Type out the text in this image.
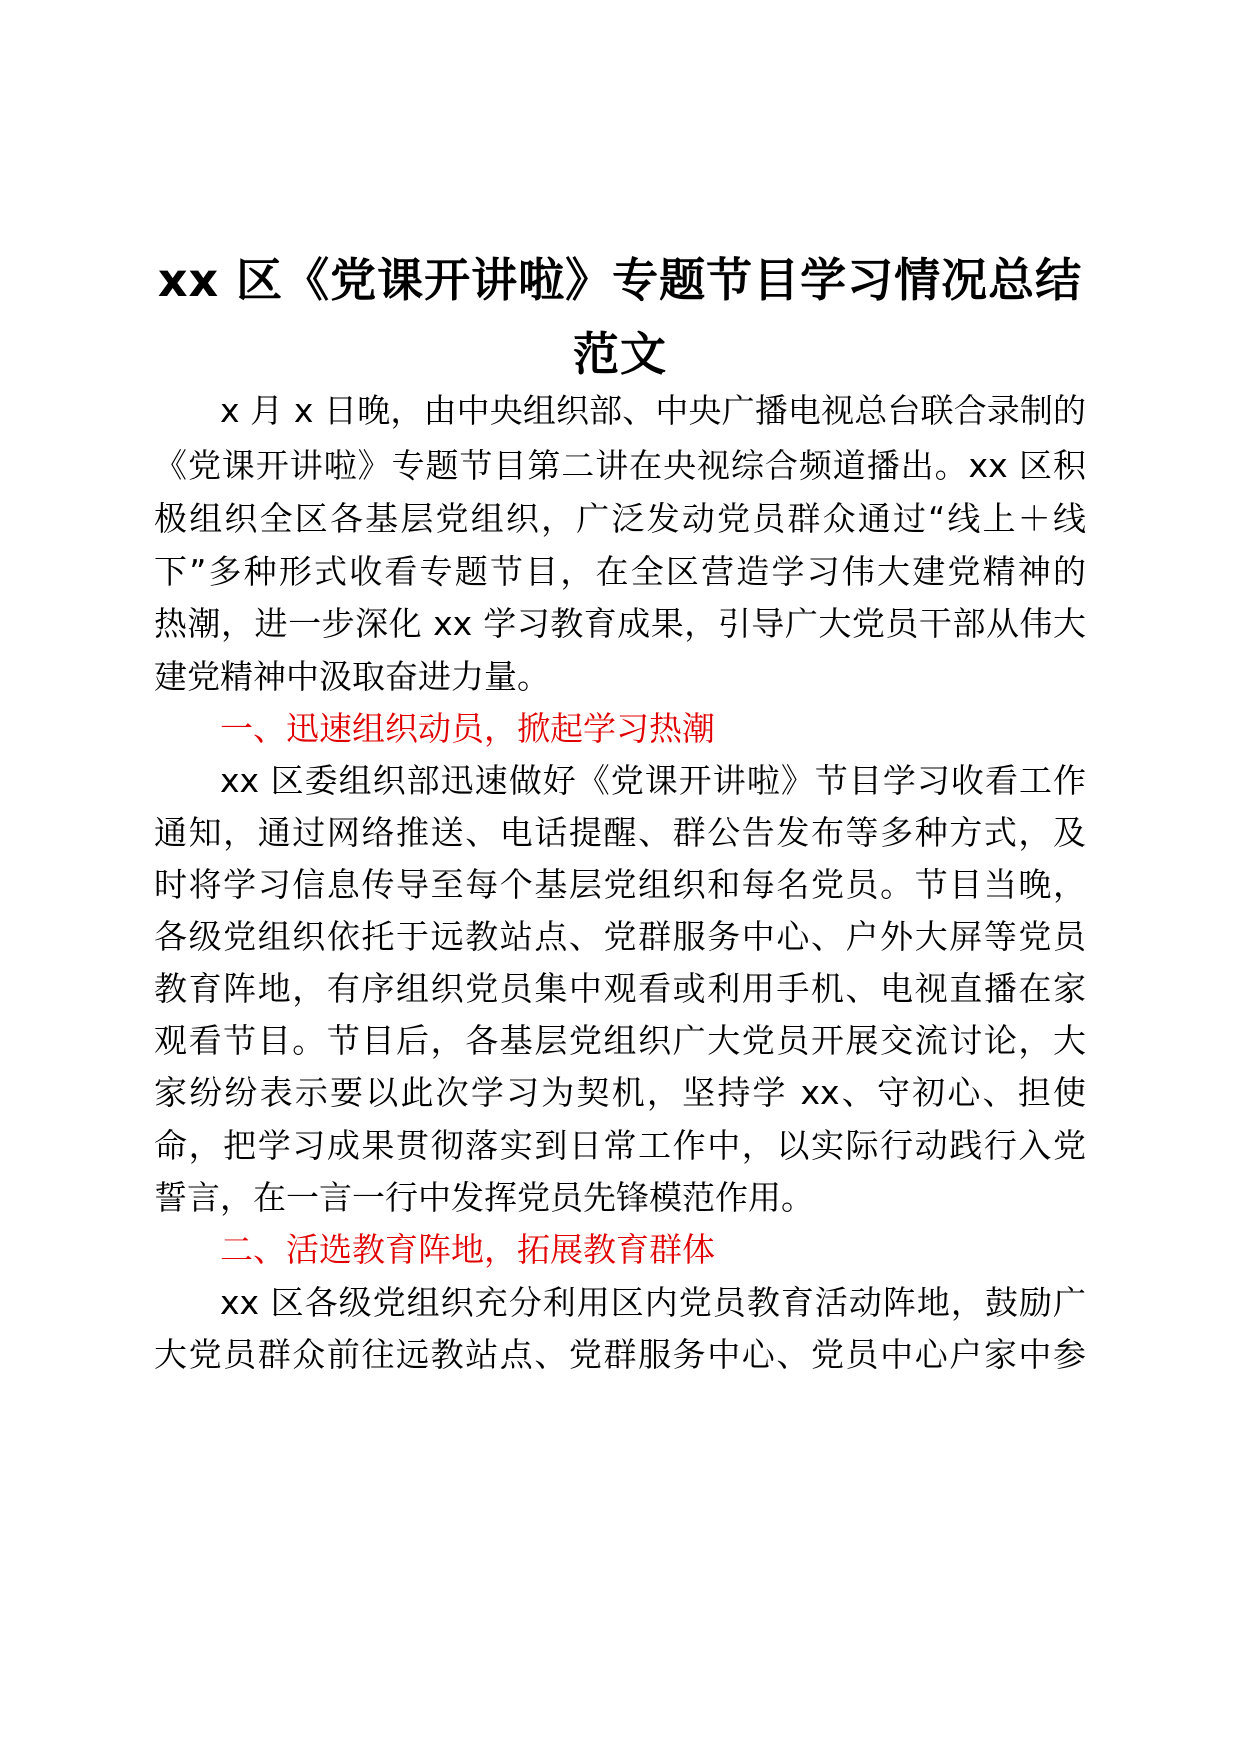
xx 区《党课开讲啦》专题节目学习情况总结
范文

x 月 x 日晚，由中央组织部、中央广播电视总台联合录制的

《党课开讲啦》专题节目第二讲在央视综合频道播出。xx 区积

极组织全区各基层党组织，广泛发动党员群众通过“线上＋线

下”多种形式收看专题节目，在全区营造学习伟大建党精神的

热潮，进一步深化 xx 学习教育成果，引导广大党员干部从伟大

建党精神中汲取奋进力量。

一、迅速组织动员，掀起学习热潮

xx 区委组织部迅速做好《党课开讲啦》节目学习收看工作

通知，通过网络推送、电话提醒、群公告发布等多种方式，及

时将学习信息传导至每个基层党组织和每名党员。节目当晚，

各级党组织依托于远教站点、党群服务中心、户外大屏等党员

教育阵地，有序组织党员集中观看或利用手机、电视直播在家

观看节目。节目后，各基层党组织广大党员开展交流讨论，大

家纷纷表示要以此次学习为契机，坚持学 xx、守初心、担使

命，把学习成果贯彻落实到日常工作中，以实际行动践行入党

誓言，在一言一行中发挥党员先锋模范作用。

二、活选教育阵地，拓展教育群体

xx 区各级党组织充分利用区内党员教育活动阵地，鼓励广

大党员群众前往远教站点、党群服务中心、党员中心户家中参
